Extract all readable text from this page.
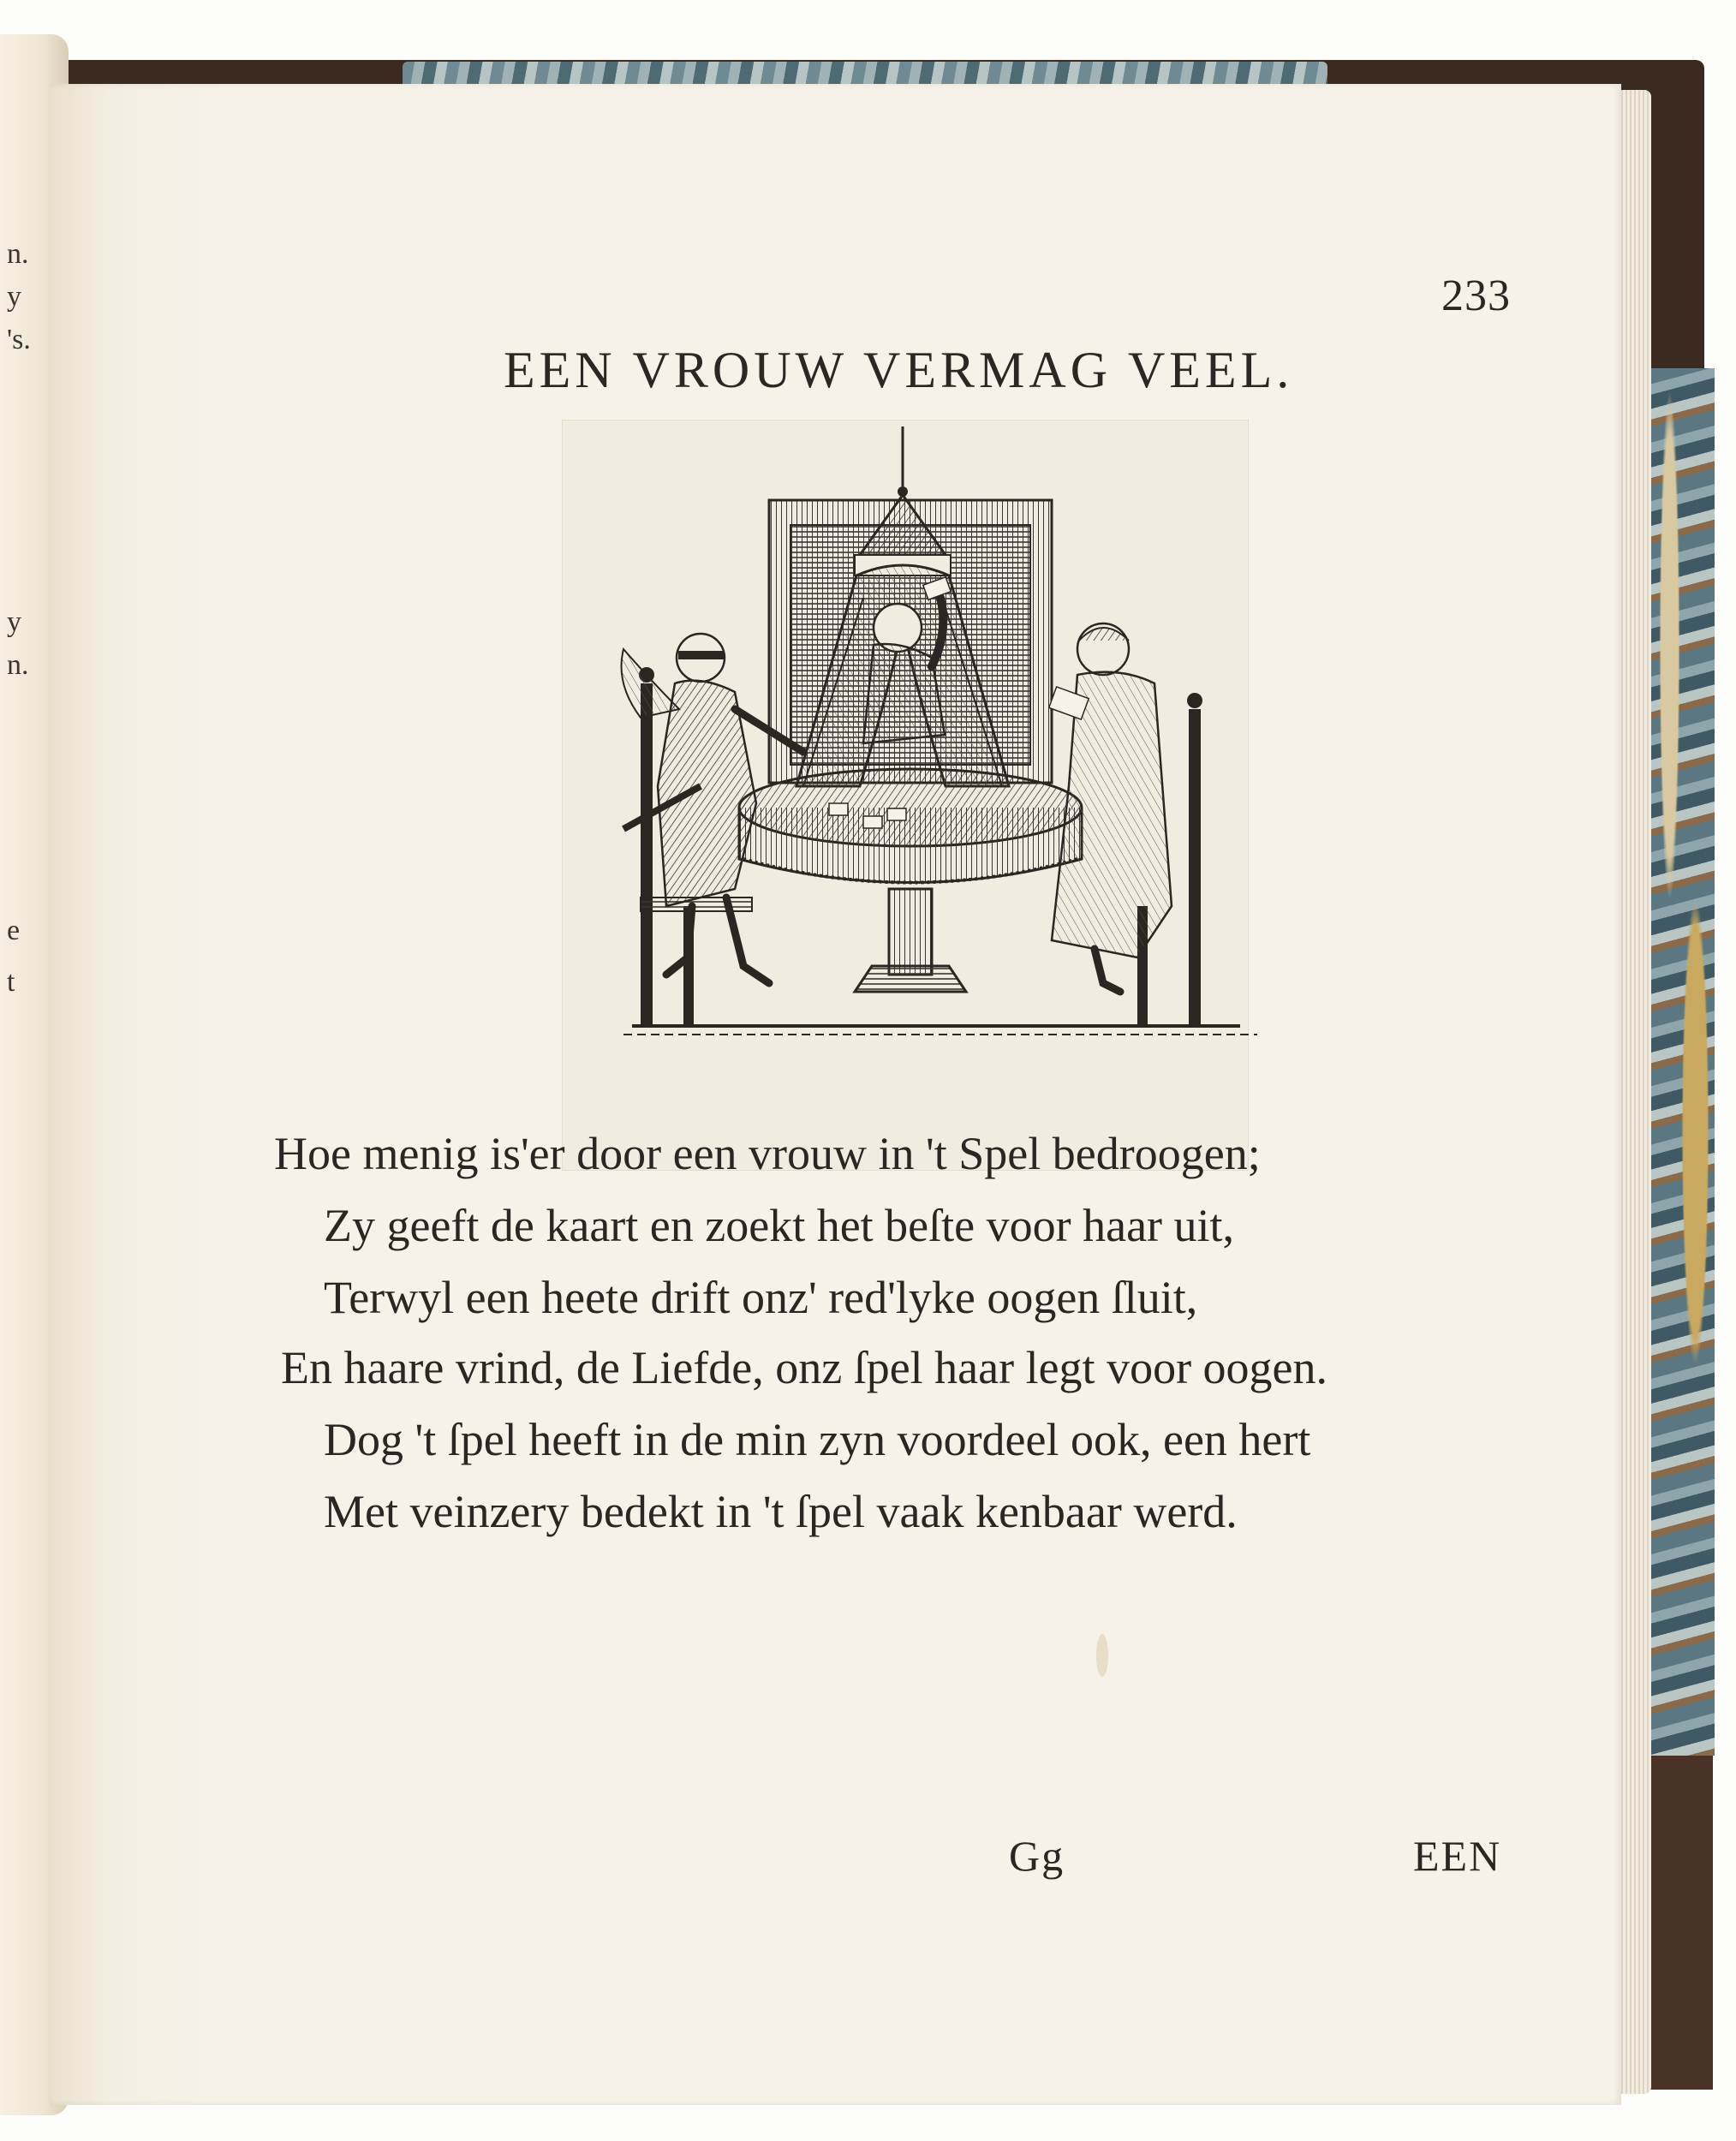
n.
y
's.
y
n.
e
t
233
EEN VROUW VERMAG VEEL.
Hoe menig is'er door een vrouw in 't Spel bedroogen;
Zy geeft de kaart en zoekt het beſte voor haar uit,
Terwyl een heete drift onz' red'lyke oogen ſluit,
En haare vrind, de Liefde, onz ſpel haar legt voor oogen.
Dog 't ſpel heeft in de min zyn voordeel ook, een hert
Met veinzery bedekt in 't ſpel vaak kenbaar werd.
Gg	EEN
